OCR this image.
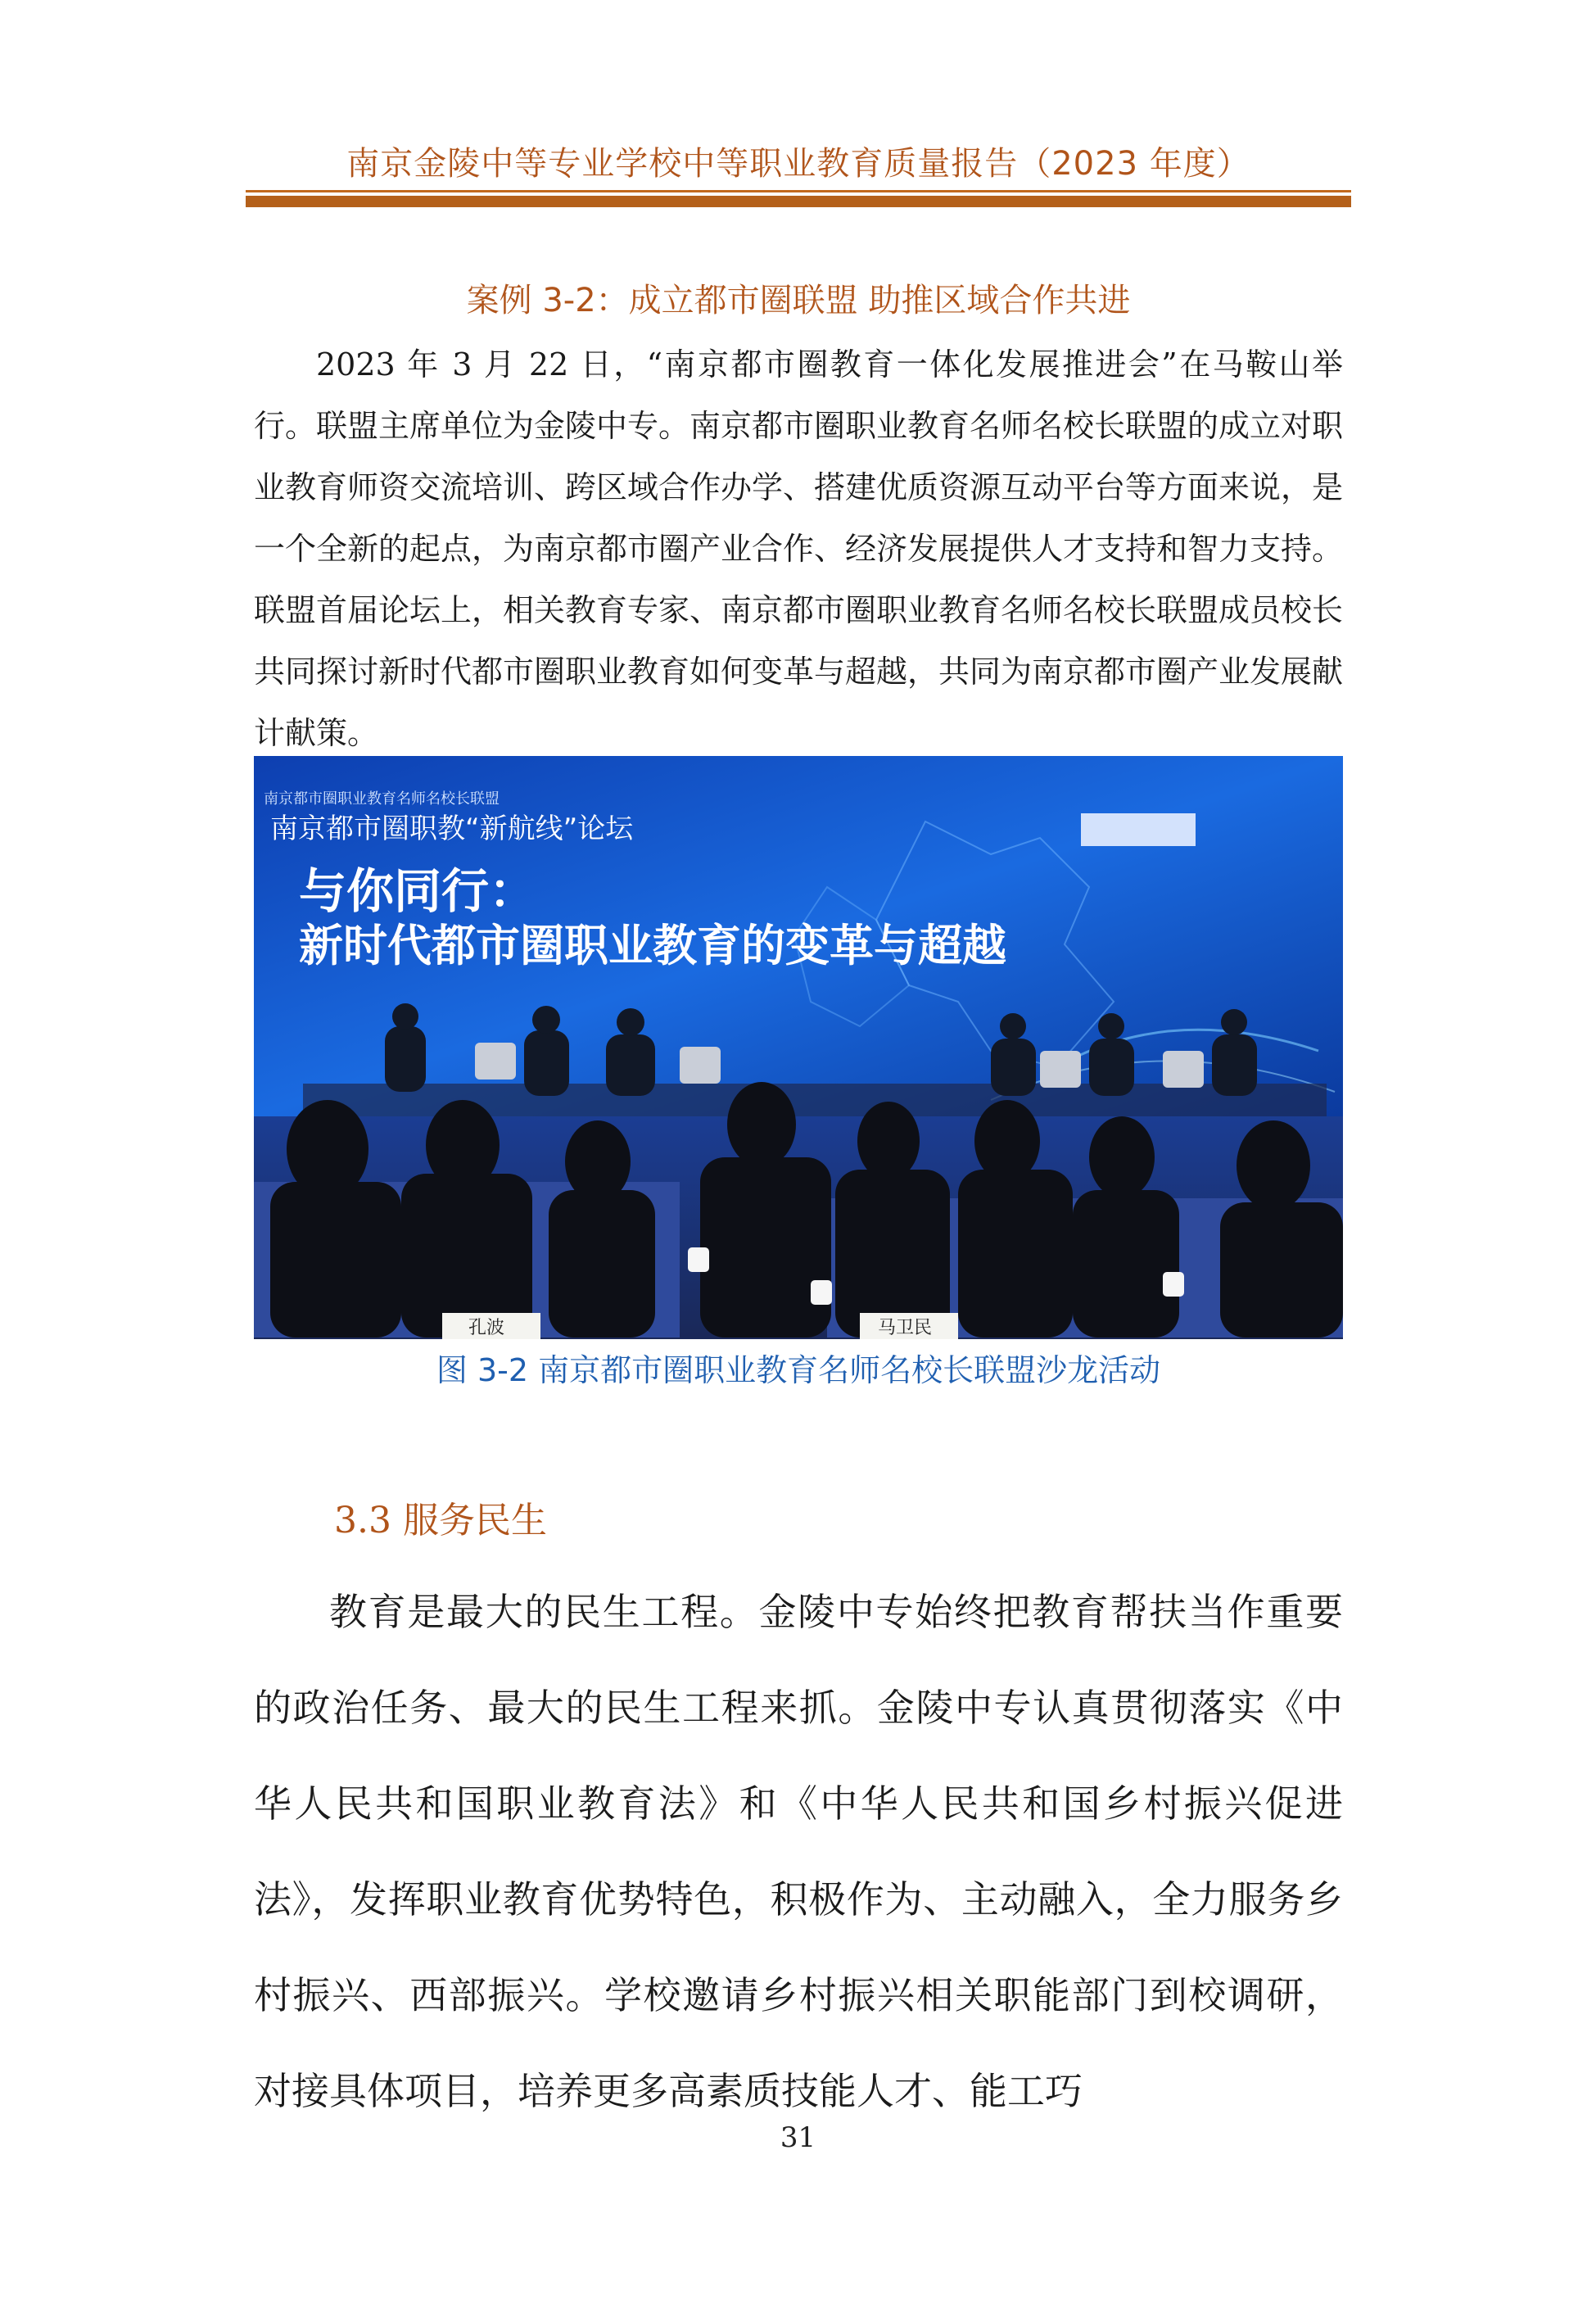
南京金陵中等专业学校中等职业教育质量报告（2023 年度）
案例 3-2：成立都市圈联盟 助推区域合作共进

2023 年 3 月 22 日，“南京都市圈教育一体化发展推进会”在马鞍山举行。联盟主席单位为金陵中专。南京都市圈职业教育名师名校长联盟的成立对职业教育师资交流培训、跨区域合作办学、搭建优质资源互动平台等方面来说，是一个全新的起点，为南京都市圈产业合作、经济发展提供人才支持和智力支持。联盟首届论坛上，相关教育专家、南京都市圈职业教育名师名校长联盟成员校长共同探讨新时代都市圈职业教育如何变革与超越，共同为南京都市圈产业发展献计献策。

南京都市圈职业教育名师名校长联盟
南京都市圈职教“新航线”论坛
与你同行：
新时代都市圈职业教育的变革与超越
孔波	马卫民
图 3-2 南京都市圈职业教育名师名校长联盟沙龙活动
3.3 服务民生

教育是最大的民生工程。金陵中专始终把教育帮扶当作重要的政治任务、最大的民生工程来抓。金陵中专认真贯彻落实《中华人民共和国职业教育法》和《中华人民共和国乡村振兴促进法》，发挥职业教育优势特色，积极作为、主动融入，全力服务乡村振兴、西部振兴。学校邀请乡村振兴相关职能部门到校调研，对接具体项目，培养更多高素质技能人才、能工巧

31
